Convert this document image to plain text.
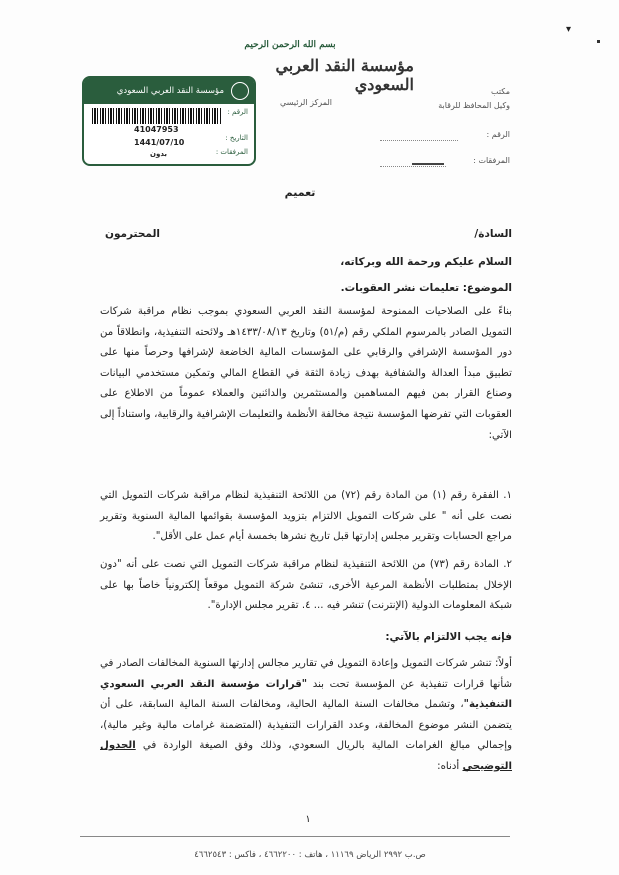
بسم الله الرحمن الرحيم
مؤسسة النقد العربي السعودي
المركز الرئيسي
مكتب
وكيل المحافظ للرقابة
الرقم :
المرفقات :
▾
مؤسسة النقد العربي السعودي
الرقم :
41047953
التاريخ :
1441/07/10
المرفقات :
بدون
تعميم
السادة/
المحترمون
السلام عليكم ورحمة الله وبركاته،
الموضوع: تعليمات نشر العقوبات.
بناءً على الصلاحيات الممنوحة لمؤسسة النقد العربي السعودي بموجب نظام مراقبة شركات التمويل الصادر بالمرسوم الملكي رقم (م/٥١) وتاريخ ١٤٣٣/٠٨/١٣هـ ولائحته التنفيذية، وانطلاقاً من دور المؤسسة الإشرافي والرقابي على المؤسسات المالية الخاضعة لإشرافها وحرصاً منها على تطبيق مبدأ العدالة والشفافية بهدف زيادة الثقة في القطاع المالي وتمكين مستخدمي البيانات وصناع القرار بمن فيهم المساهمين والمستثمرين والدائنين والعملاء عموماً من الاطلاع على العقوبات التي تفرضها المؤسسة نتيجة مخالفة الأنظمة والتعليمات الإشرافية والرقابية، واستناداً إلى الآتي:
١. الفقرة رقم (١) من المادة رقم (٧٢) من اللائحة التنفيذية لنظام مراقبة شركات التمويل التي نصت على أنه " على شركات التمويل الالتزام بتزويد المؤسسة بقوائمها المالية السنوية وتقرير مراجع الحسابات وتقرير مجلس إدارتها قبل تاريخ نشرها بخمسة أيام عمل على الأقل".
٢. المادة رقم (٧٣) من اللائحة التنفيذية لنظام مراقبة شركات التمويل التي نصت على أنه "دون الإخلال بمتطلبات الأنظمة المرعية الأخرى، تنشئ شركة التمويل موقعاً إلكترونياً خاصاً بها على شبكة المعلومات الدولية (الإنترنت) تنشر فيه ... ٤. تقرير مجلس الإدارة".
فإنه يجب الالتزام بالآتي:
أولاً: تنشر شركات التمويل وإعادة التمويل في تقارير مجالس إدارتها السنوية المخالفات الصادر في شأنها قرارات تنفيذية عن المؤسسة تحت بند "قرارات مؤسسة النقد العربي السعودي التنفيذية"، وتشمل مخالفات السنة المالية الحالية، ومخالفات السنة المالية السابقة، على أن يتضمن النشر موضوع المخالفة، وعدد القرارات التنفيذية (المتضمنة غرامات مالية وغير مالية)، وإجمالي مبالغ الغرامات المالية بالريال السعودي، وذلك وفق الصيغة الواردة في الجدول التوضيحي أدناه:
١
ص.ب ٢٩٩٢ الرياض ١١١٦٩ ، هاتف : ٤٦٦٢٢٠٠ ، فاكس : ٤٦٦٢٥٤٣
